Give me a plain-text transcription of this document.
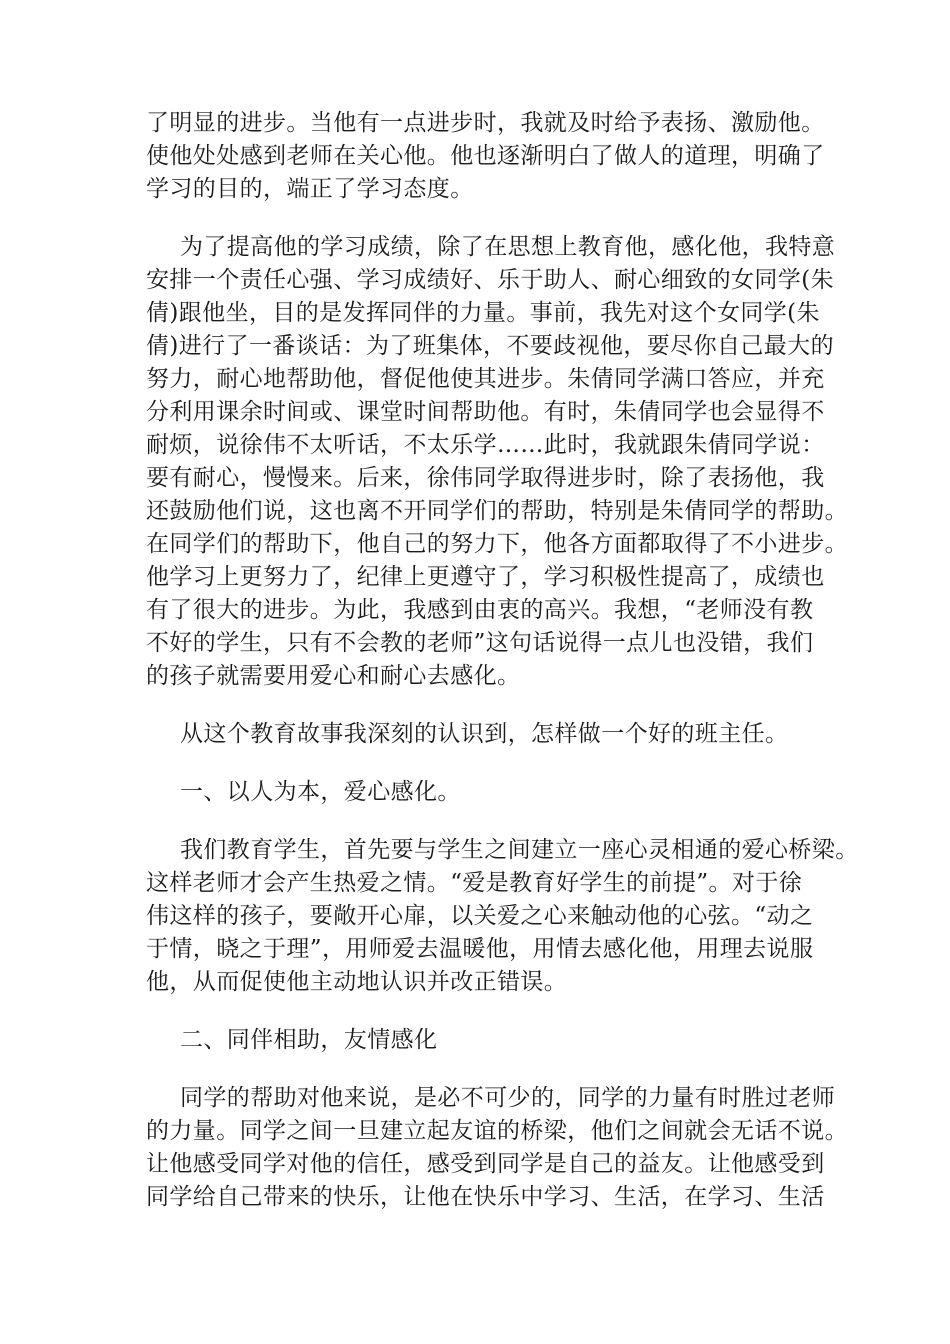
了明显的进步。当他有一点进步时，我就及时给予表扬、激励他。
使他处处感到老师在关心他。他也逐渐明白了做人的道理，明确了
学习的目的，端正了学习态度。
为了提高他的学习成绩，除了在思想上教育他，感化他，我特意
安排一个责任心强、学习成绩好、乐于助人、耐心细致的女同学(朱
倩)跟他坐，目的是发挥同伴的力量。事前，我先对这个女同学(朱
倩)进行了一番谈话：为了班集体，不要歧视他，要尽你自己最大的
努力，耐心地帮助他，督促他使其进步。朱倩同学满口答应，并充
分利用课余时间或、课堂时间帮助他。有时，朱倩同学也会显得不
耐烦，说徐伟不太听话，不太乐学……此时，我就跟朱倩同学说：
要有耐心，慢慢来。后来，徐伟同学取得进步时，除了表扬他，我
还鼓励他们说，这也离不开同学们的帮助，特别是朱倩同学的帮助。
在同学们的帮助下，他自己的努力下，他各方面都取得了不小进步。
他学习上更努力了，纪律上更遵守了，学习积极性提高了，成绩也
有了很大的进步。为此，我感到由衷的高兴。我想，“老师没有教
不好的学生，只有不会教的老师”这句话说得一点儿也没错，我们
的孩子就需要用爱心和耐心去感化。
从这个教育故事我深刻的认识到，怎样做一个好的班主任。
一、以人为本，爱心感化。
我们教育学生，首先要与学生之间建立一座心灵相通的爱心桥梁。
这样老师才会产生热爱之情。“爱是教育好学生的前提”。对于徐
伟这样的孩子，要敞开心扉，以关爱之心来触动他的心弦。“动之
于情，晓之于理”，用师爱去温暖他，用情去感化他，用理去说服
他，从而促使他主动地认识并改正错误。
二、同伴相助，友情感化
同学的帮助对他来说，是必不可少的，同学的力量有时胜过老师
的力量。同学之间一旦建立起友谊的桥梁，他们之间就会无话不说。
让他感受同学对他的信任，感受到同学是自己的益友。让他感受到
同学给自己带来的快乐，让他在快乐中学习、生活，在学习、生活
